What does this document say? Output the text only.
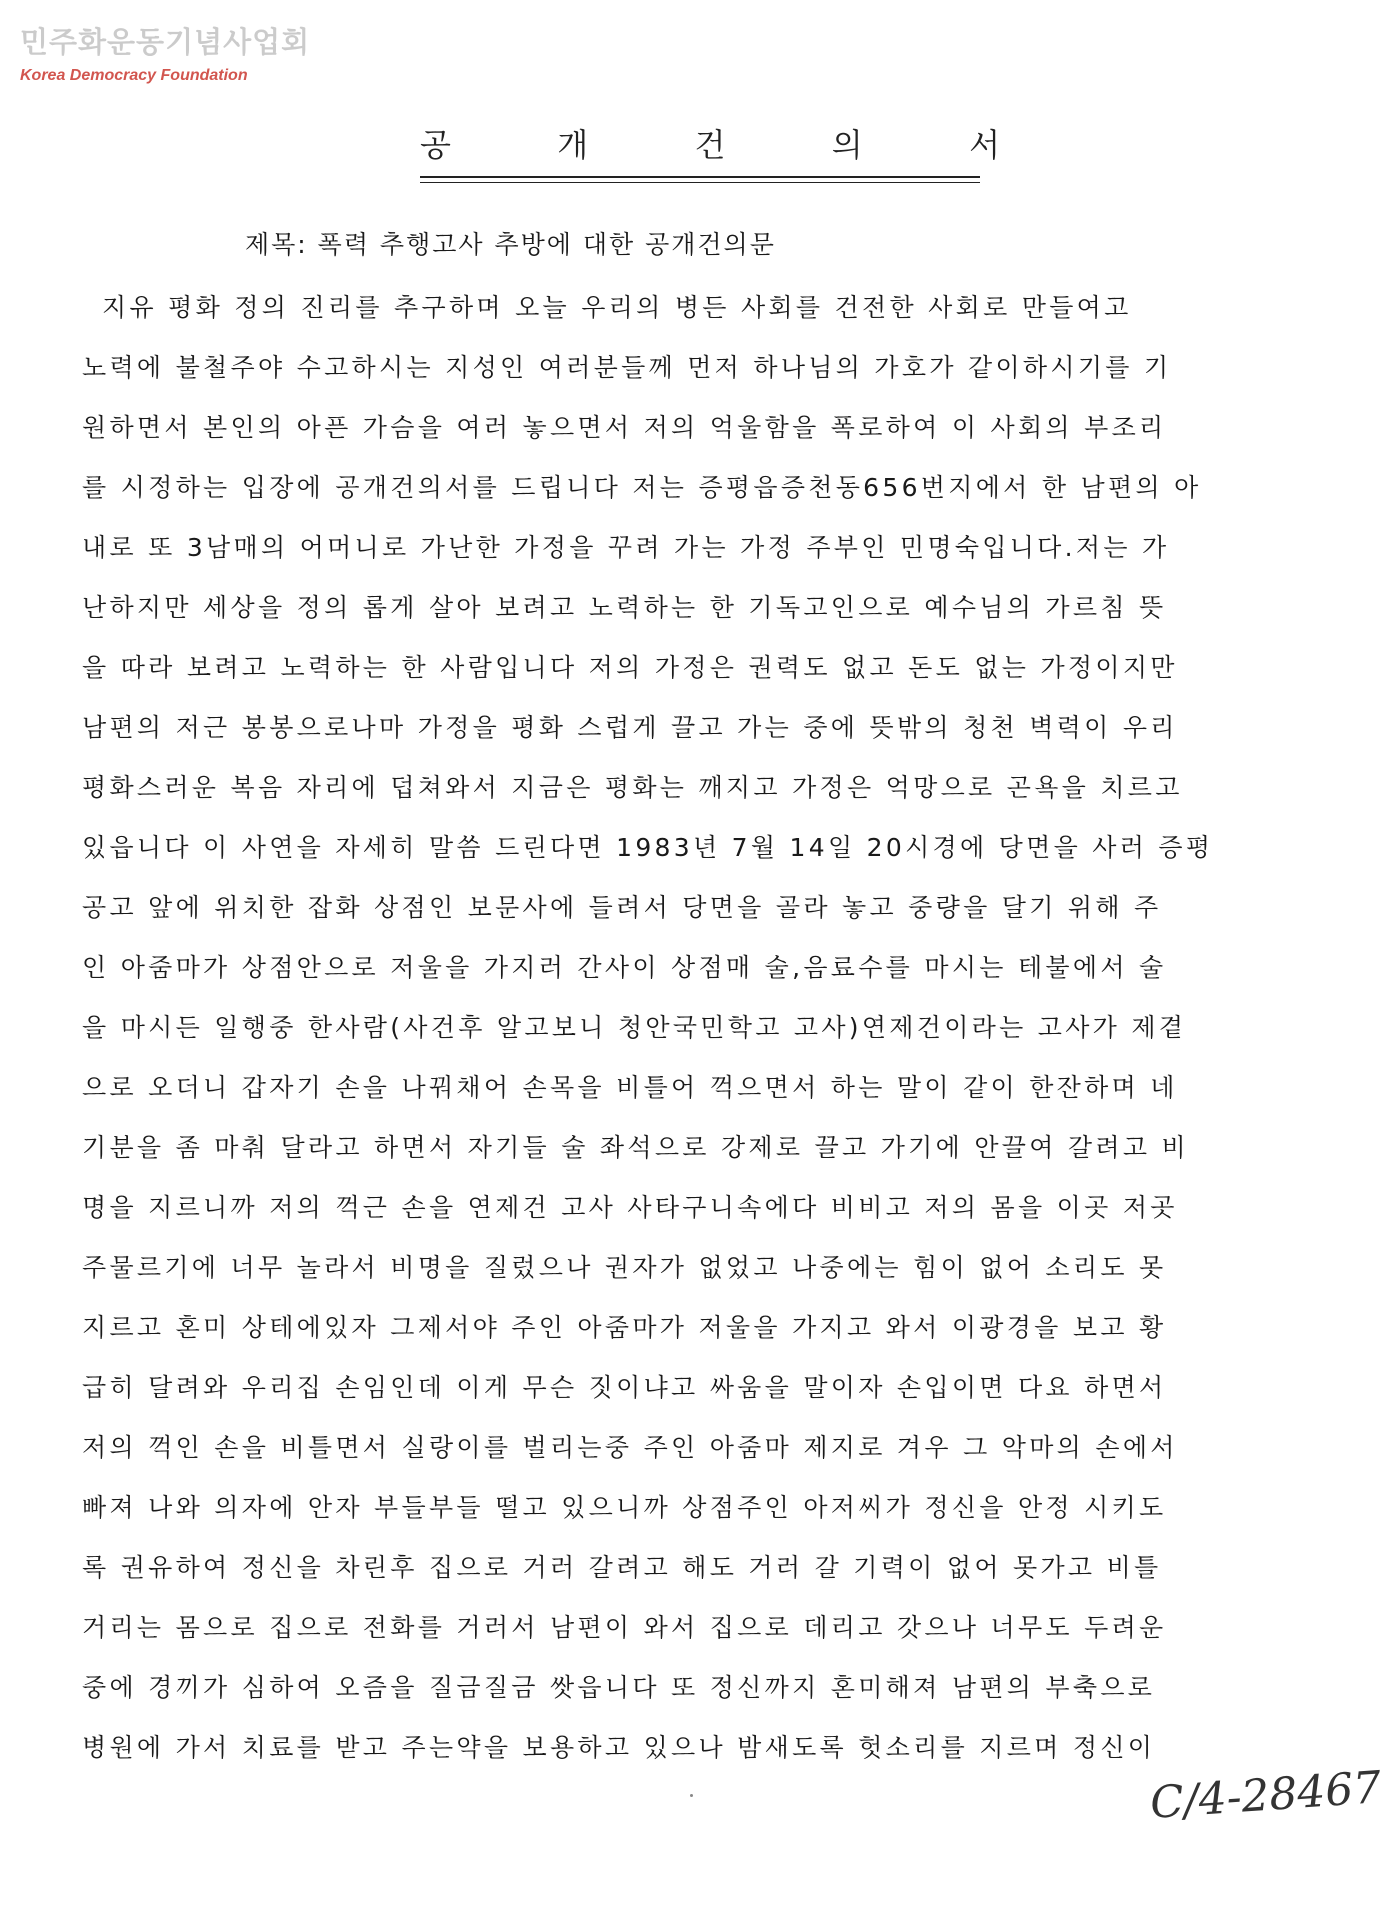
민주화운동기념사업회
Korea Democracy Foundation
공	개	건	의	서
제목: 폭력 추행고사 추방에 대한 공개건의문
지유 평화 정의 진리를 추구하며 오늘 우리의 병든 사회를 건전한 사회로 만들여고
노력에 불철주야 수고하시는 지성인 여러분들께 먼저 하나님의 가호가 같이하시기를 기
원하면서 본인의 아픈 가슴을 여러 놓으면서 저의 억울함을 폭로하여 이 사회의 부조리
를 시정하는 입장에 공개건의서를 드립니다 저는 증평읍증천동656번지에서 한 남편의 아
내로 또 3남매의 어머니로 가난한 가정을 꾸려 가는 가정 주부인 민명숙입니다.저는 가
난하지만 세상을 정의 롭게 살아 보려고 노력하는 한 기독고인으로 예수님의 가르침 뜻
을 따라 보려고 노력하는 한 사람입니다 저의 가정은 권력도 없고 돈도 없는 가정이지만
남편의 저근 봉봉으로나마 가정을 평화 스럽게 끌고 가는 중에 뜻밖의 청천 벽력이 우리
평화스러운 복음 자리에 덥쳐와서 지금은 평화는 깨지고 가정은 억망으로 곤욕을 치르고
있읍니다 이 사연을 자세히 말씀 드린다면 1983년 7월 14일 20시경에 당면을 사러 증평
공고 앞에 위치한 잡화 상점인 보문사에 들려서 당면을 골라 놓고 중량을 달기 위해 주
인 아줌마가 상점안으로 저울을 가지러 간사이 상점매 술,음료수를 마시는 테불에서 술
을 마시든 일행중 한사람(사건후 알고보니 청안국민학고 고사)연제건이라는 고사가 제곁
으로 오더니 갑자기 손을 나꿔채어 손목을 비틀어 꺽으면서 하는 말이 같이 한잔하며 네
기분을 좀 마춰 달라고 하면서 자기들 술 좌석으로 강제로 끌고 가기에 안끌여 갈려고 비
명을 지르니까 저의 꺽근 손을 연제건 고사 사타구니속에다 비비고 저의 몸을 이곳 저곳
주물르기에 너무 놀라서 비명을 질렀으나 권자가 없었고 나중에는 힘이 없어 소리도 못
지르고 혼미 상테에있자 그제서야 주인 아줌마가 저울을 가지고 와서 이광경을 보고 황
급히 달려와 우리집 손임인데 이게 무슨 짓이냐고 싸움을 말이자 손입이면 다요 하면서
저의 꺽인 손을 비틀면서 실랑이를 벌리는중 주인 아줌마 제지로 겨우 그 악마의 손에서
빠져 나와 의자에 안자 부들부들 떨고 있으니까 상점주인 아저씨가 정신을 안정 시키도
록 권유하여 정신을 차린후 집으로 거러 갈려고 해도 거러 갈 기력이 없어 못가고 비틀
거리는 몸으로 집으로 전화를 거러서 남편이 와서 집으로 데리고 갓으나 너무도 두려운
중에 경끼가 심하여 오즘을 질금질금 쌋읍니다 또 정신까지 혼미해져 남편의 부축으로
병원에 가서 치료를 받고 주는약을 보용하고 있으나 밤새도록 헛소리를 지르며 정신이
C/4-28467
